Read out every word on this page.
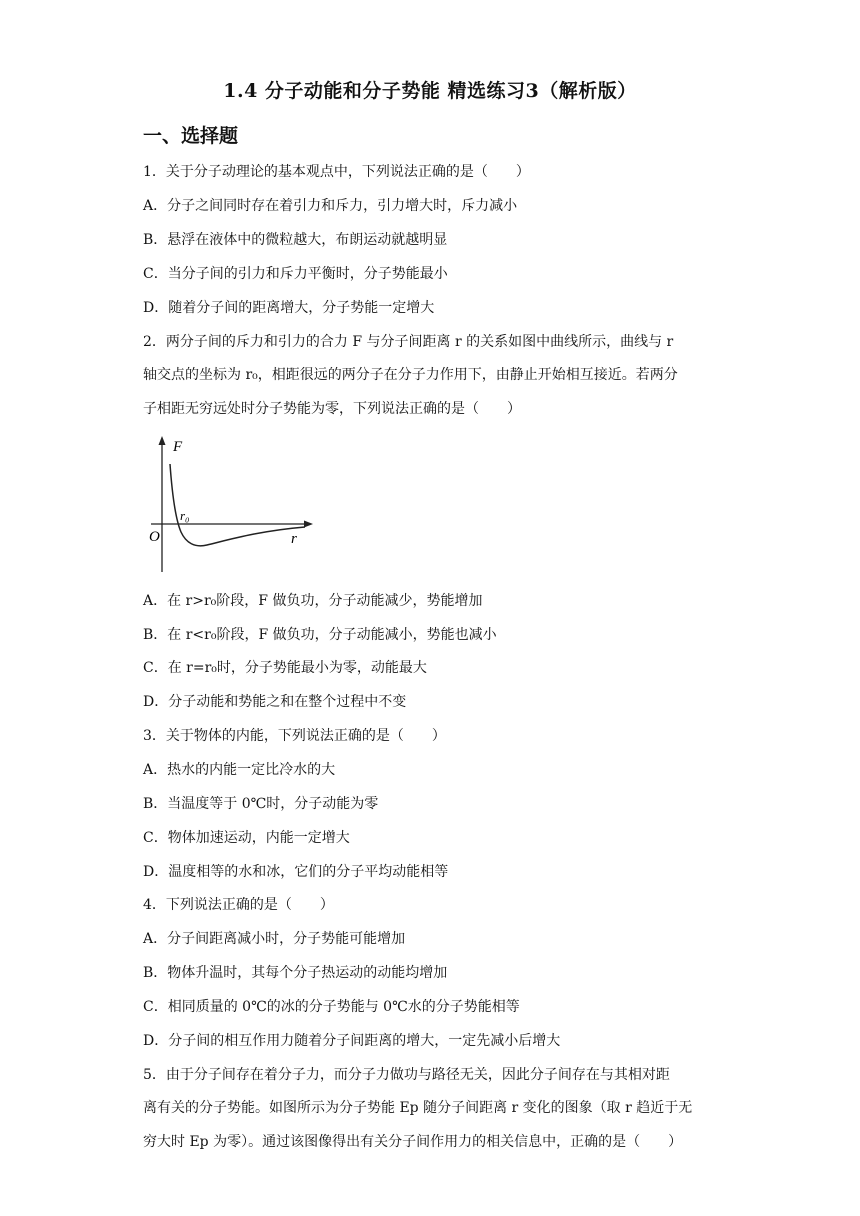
1.4 分子动能和分子势能 精选练习3（解析版）
一、选择题
1．关于分子动理论的基本观点中，下列说法正确的是（　　）
A．分子之间同时存在着引力和斥力，引力增大时，斥力减小
B．悬浮在液体中的微粒越大，布朗运动就越明显
C．当分子间的引力和斥力平衡时，分子势能最小
D．随着分子间的距离增大，分子势能一定增大
2．两分子间的斥力和引力的合力 F 与分子间距离 r 的关系如图中曲线所示，曲线与 r
轴交点的坐标为 r₀，相距很远的两分子在分子力作用下，由静止开始相互接近。若两分
子相距无穷远处时分子势能为零，下列说法正确的是（　　）
F
r
O
r₀
A．在 r>r₀阶段，F 做负功，分子动能减少，势能增加
B．在 r<r₀阶段，F 做负功，分子动能减小，势能也减小
C．在 r=r₀时，分子势能最小为零，动能最大
D．分子动能和势能之和在整个过程中不变
3．关于物体的内能，下列说法正确的是（　　）
A．热水的内能一定比冷水的大
B．当温度等于 0℃时，分子动能为零
C．物体加速运动，内能一定增大
D．温度相等的水和冰，它们的分子平均动能相等
4．下列说法正确的是（　　）
A．分子间距离减小时，分子势能可能增加
B．物体升温时，其每个分子热运动的动能均增加
C．相同质量的 0℃的冰的分子势能与 0℃水的分子势能相等
D．分子间的相互作用力随着分子间距离的增大，一定先减小后增大
5．由于分子间存在着分子力，而分子力做功与路径无关，因此分子间存在与其相对距
离有关的分子势能。如图所示为分子势能 Ep 随分子间距离 r 变化的图象（取 r 趋近于无
穷大时 Ep 为零）。通过该图像得出有关分子间作用力的相关信息中，正确的是（　　）
